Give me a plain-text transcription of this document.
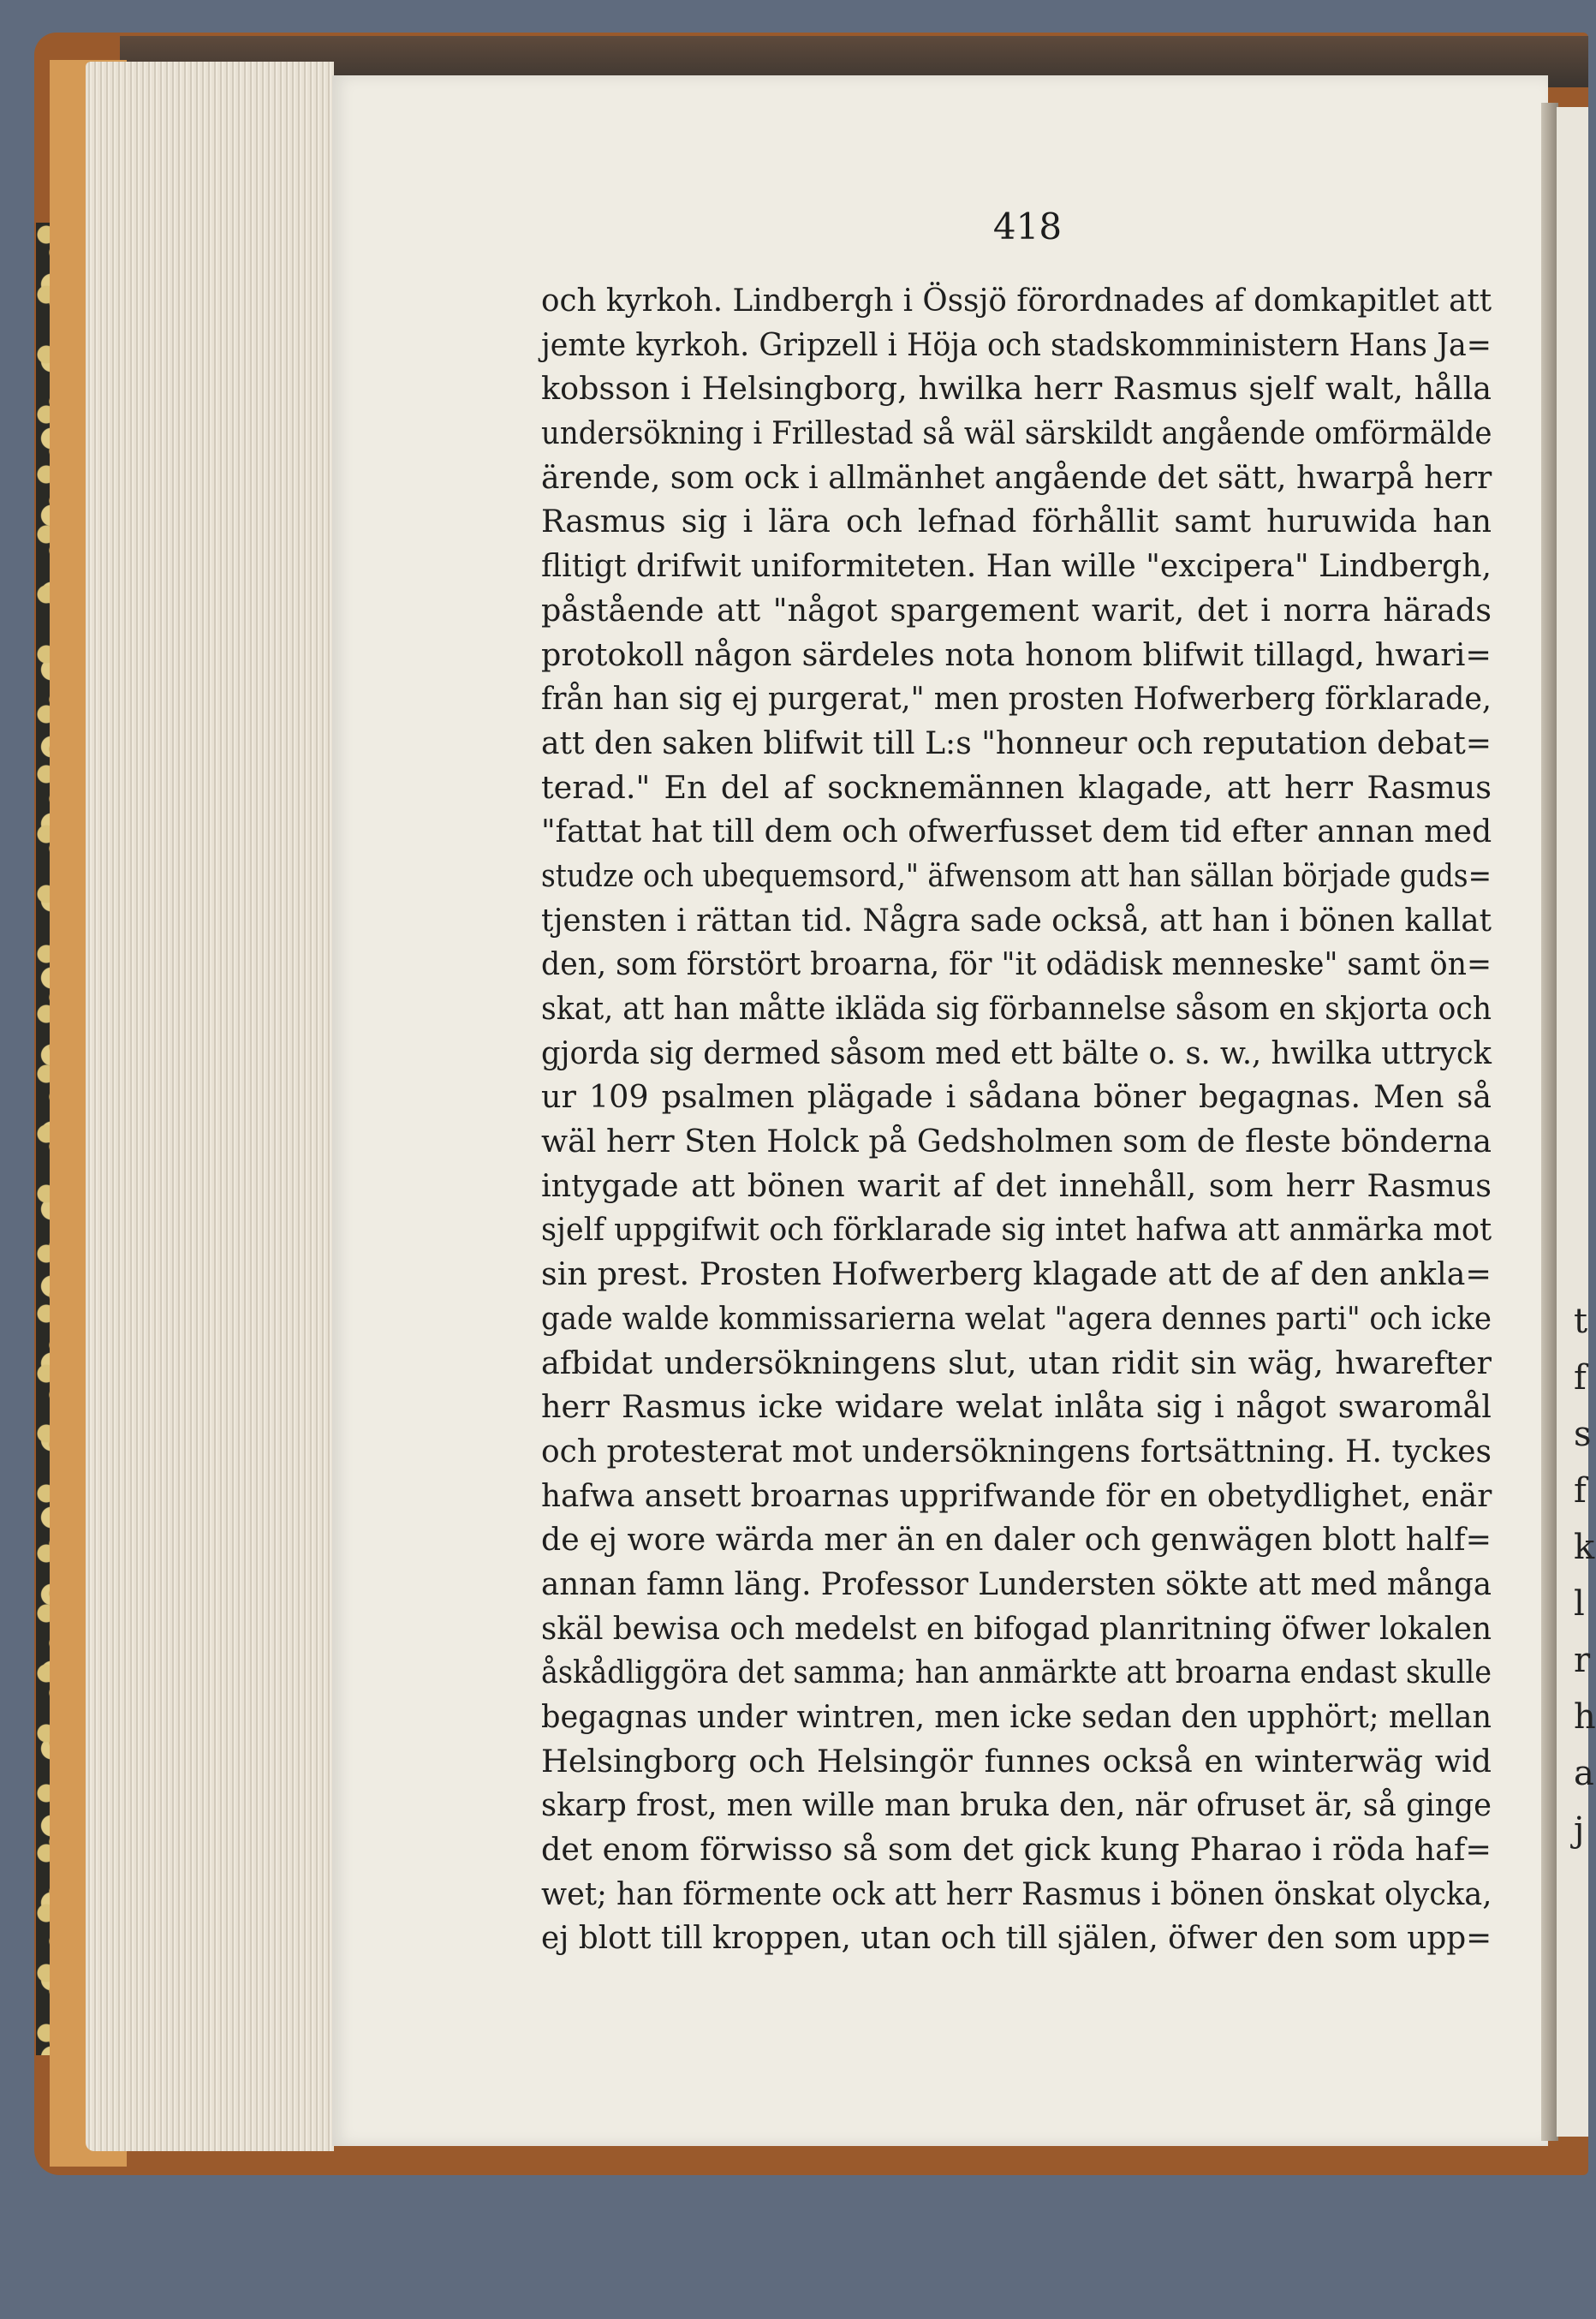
t
f
s
f
k
l
r
h
a
j
418
och kyrkoh. Lindbergh i Össjö förordnades af domkapitlet att
jemte kyrkoh. Gripzell i Höja och stadskomministern Hans Ja=
kobsson i Helsingborg, hwilka herr Rasmus sjelf walt, hålla
undersökning i Frillestad så wäl särskildt angående omförmälde
ärende, som ock i allmänhet angående det sätt, hwarpå herr
Rasmus sig i lära och lefnad förhållit samt huruwida han
flitigt drifwit uniformiteten. Han wille "excipera" Lindbergh,
påstående att "något spargement warit, det i norra härads
protokoll någon särdeles nota honom blifwit tillagd, hwari=
från han sig ej purgerat," men prosten Hofwerberg förklarade,
att den saken blifwit till L:s "honneur och reputation debat=
terad." En del af socknemännen klagade, att herr Rasmus
"fattat hat till dem och ofwerfusset dem tid efter annan med
studze och ubequemsord," äfwensom att han sällan började guds=
tjensten i rättan tid. Några sade också, att han i bönen kallat
den, som förstört broarna, för "it odädisk menneske" samt ön=
skat, att han måtte ikläda sig förbannelse såsom en skjorta och
gjorda sig dermed såsom med ett bälte o. s. w., hwilka uttryck
ur 109 psalmen plägade i sådana böner begagnas. Men så
wäl herr Sten Holck på Gedsholmen som de fleste bönderna
intygade att bönen warit af det innehåll, som herr Rasmus
sjelf uppgifwit och förklarade sig intet hafwa att anmärka mot
sin prest. Prosten Hofwerberg klagade att de af den ankla=
gade walde kommissarierna welat "agera dennes parti" och icke
afbidat undersökningens slut, utan ridit sin wäg, hwarefter
herr Rasmus icke widare welat inlåta sig i något swaromål
och protesterat mot undersökningens fortsättning. H. tyckes
hafwa ansett broarnas upprifwande för en obetydlighet, enär
de ej wore wärda mer än en daler och genwägen blott half=
annan famn läng. Professor Lundersten sökte att med många
skäl bewisa och medelst en bifogad planritning öfwer lokalen
åskådliggöra det samma; han anmärkte att broarna endast skulle
begagnas under wintren, men icke sedan den upphört; mellan
Helsingborg och Helsingör funnes också en winterwäg wid
skarp frost, men wille man bruka den, när ofruset är, så ginge
det enom förwisso så som det gick kung Pharao i röda haf=
wet; han förmente ock att herr Rasmus i bönen önskat olycka,
ej blott till kroppen, utan och till själen, öfwer den som upp=
